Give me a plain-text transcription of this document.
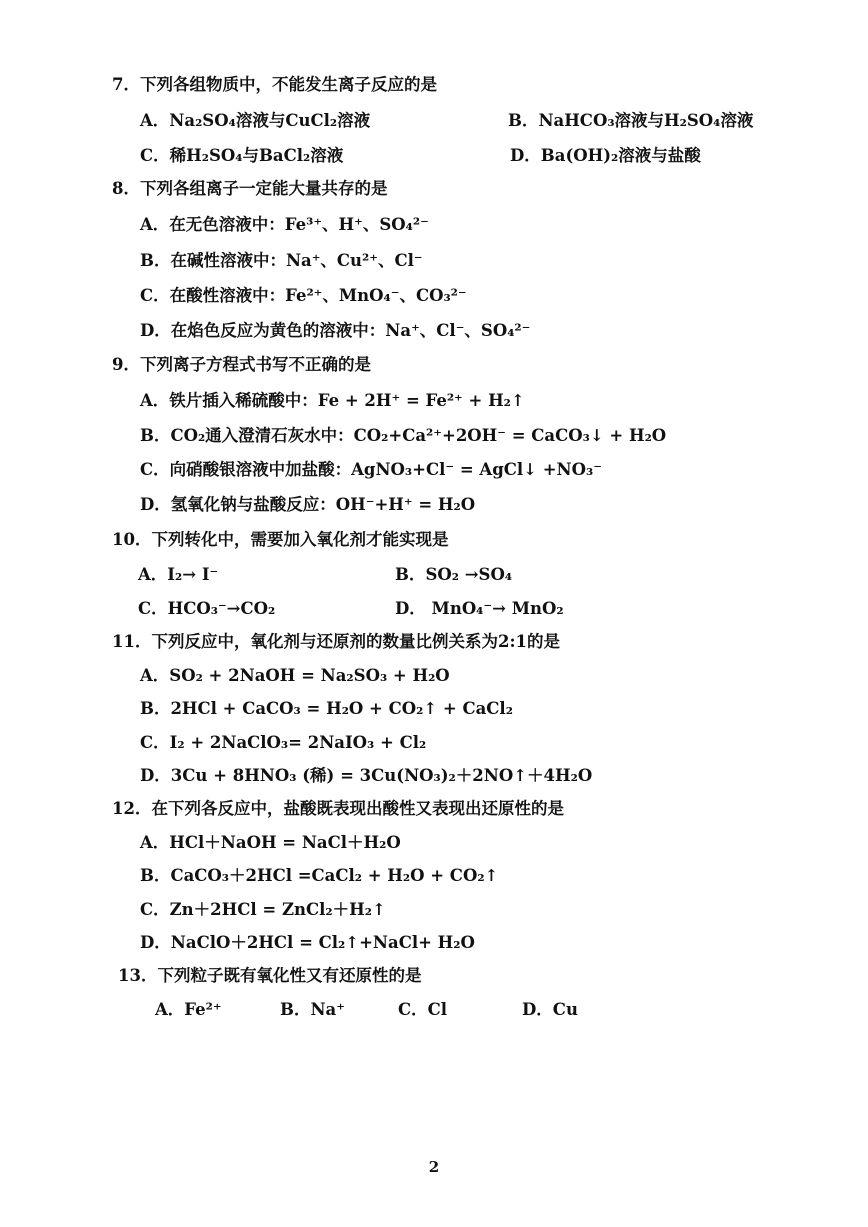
7．下列各组物质中，不能发生离子反应的是
A．Na₂SO₄溶液与CuCl₂溶液	B．NaHCO₃溶液与H₂SO₄溶液
C．稀H₂SO₄与BaCl₂溶液	D．Ba(OH)₂溶液与盐酸
8．下列各组离子一定能大量共存的是
A．在无色溶液中：Fe³⁺、H⁺、SO₄²⁻
B．在碱性溶液中：Na⁺、Cu²⁺、Cl⁻
C．在酸性溶液中：Fe²⁺、MnO₄⁻、CO₃²⁻
D．在焰色反应为黄色的溶液中：Na⁺、Cl⁻、SO₄²⁻
9．下列离子方程式书写不正确的是
A．铁片插入稀硫酸中：Fe + 2H⁺ = Fe²⁺ + H₂↑
B．CO₂通入澄清石灰水中：CO₂+Ca²⁺+2OH⁻ = CaCO₃↓ + H₂O
C．向硝酸银溶液中加盐酸：AgNO₃+Cl⁻ = AgCl↓ +NO₃⁻
D．氢氧化钠与盐酸反应：OH⁻+H⁺ = H₂O
10．下列转化中，需要加入氧化剂才能实现是
A．I₂→ I⁻	B．SO₂ →SO₄
C．HCO₃⁻→CO₂	D． MnO₄⁻→ MnO₂
11．下列反应中，氧化剂与还原剂的数量比例关系为2:1的是
A．SO₂ + 2NaOH = Na₂SO₃ + H₂O
B．2HCl + CaCO₃ = H₂O + CO₂↑ + CaCl₂
C．I₂ + 2NaClO₃= 2NaIO₃ + Cl₂
D．3Cu + 8HNO₃ (稀) = 3Cu(NO₃)₂＋2NO↑＋4H₂O
12．在下列各反应中，盐酸既表现出酸性又表现出还原性的是
A．HCl＋NaOH = NaCl＋H₂O
B．CaCO₃＋2HCl =CaCl₂ + H₂O + CO₂↑
C．Zn＋2HCl = ZnCl₂＋H₂↑
D．NaClO＋2HCl = Cl₂↑+NaCl+ H₂O
13．下列粒子既有氧化性又有还原性的是
A．Fe²⁺	B．Na⁺	C．Cl	D．Cu
2
